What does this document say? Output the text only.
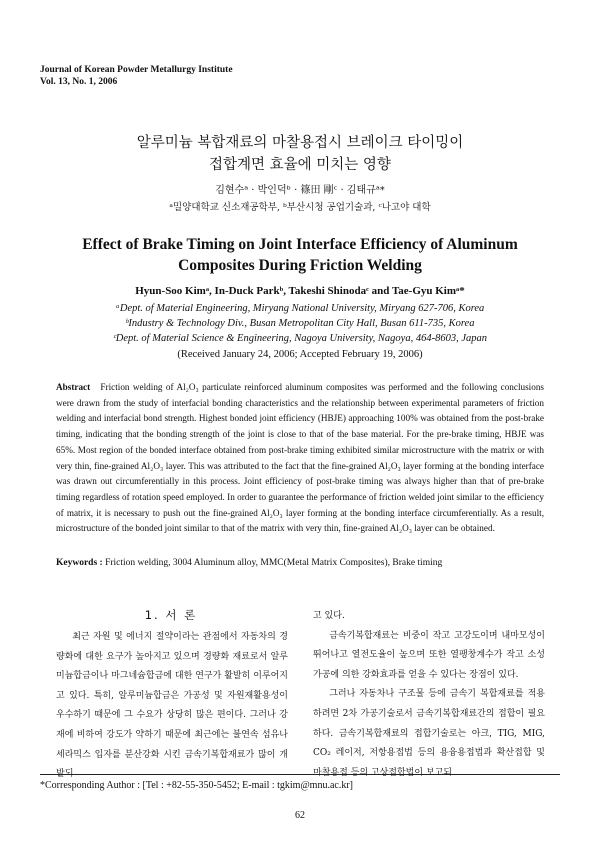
Journal of Korean Powder Metallurgy Institute
Vol. 13, No. 1, 2006
알루미늄 복합재료의 마찰용접시 브레이크 타이밍이
접합계면 효율에 미치는 영향
김현수ᵃ · 박인덕ᵇ · 篠田 剛ᶜ · 김태규ᵃ*
ᵃ밀양대학교 신소재공학부, ᵇ부산시청 공업기술과, ᶜ나고야 대학
Effect of Brake Timing on Joint Interface Efficiency of Aluminum
Composites During Friction Welding
Hyun-Soo Kimᵃ, In-Duck Parkᵇ, Takeshi Shinodaᶜ and Tae-Gyu Kimᵃ*
ᵃDept. of Material Engineering, Miryang National University, Miryang 627-706, Korea
ᵇIndustry & Technology Div., Busan Metropolitan City Hall, Busan 611-735, Korea
ᶜDept. of Material Science & Engineering, Nagoya University, Nagoya, 464-8603, Japan
(Received January 24, 2006; Accepted February 19, 2006)
Abstract Friction welding of Al₂O₃ particulate reinforced aluminum composites was performed and the following conclusions were drawn from the study of interfacial bonding characteristics and the relationship between experimental parameters of friction welding and interfacial bond strength. Highest bonded joint efficiency (HBJE) approaching 100% was obtained from the post-brake timing, indicating that the bonding strength of the joint is close to that of the base material. For the pre-brake timing, HBJE was 65%. Most region of the bonded interface obtained from post-brake timing exhibited similar microstructure with the matrix or with very thin, fine-grained Al₂O₃ layer. This was attributed to the fact that the fine-grained Al₂O₃ layer forming at the bonding interface was drawn out circumferentially in this process. Joint efficiency of post-brake timing was always higher than that of pre-brake timing regardless of rotation speed employed. In order to guarantee the performance of friction welded joint similar to the efficiency of matrix, it is necessary to push out the fine-grained Al₂O₃ layer forming at the bonding interface circumferentially. As a result, microstructure of the bonded joint similar to that of the matrix with very thin, fine-grained Al₂O₃ layer can be obtained.
Keywords : Friction welding, 3004 Aluminum alloy, MMC(Metal Matrix Composites), Brake timing
1. 서 론

최근 자원 및 에너지 절약이라는 관점에서 자동차의 경량화에 대한 요구가 높아지고 있으며 경량화 재료로서 알루미늄합금이나 마그네슘합금에 대한 연구가 활발히 이루어지고 있다. 특히, 알루미늄합금은 가공성 및 자원재활용성이 우수하기 때문에 그 수요가 상당히 많은 편이다. 그러나 강재에 비하여 강도가 약하기 때문에 최근에는 불연속 섬유나 세라믹스 입자를 분산강화 시킨 금속기복합재료가 많이 개발되

고 있다.

금속기복합재료는 비중이 작고 고강도이며 내마모성이 뛰어나고 열전도율이 높으며 또한 열팽창계수가 작고 소성가공에 의한 강화효과를 얻을 수 있다는 장점이 있다.

그러나 자동차나 구조물 등에 금속기 복합재료를 적용하려면 2차 가공기술로서 금속기복합재료간의 접합이 필요하다. 금속기복합재료의 접합기술로는 아크, TIG, MIG, CO₂ 레이저, 저항용접법 등의 용융용접법과 확산접합 및 마찰용접 등의 고상접합법이 보고되

*Corresponding Author : [Tel : +82-55-350-5452; E-mail : tgkim@mnu.ac.kr]
62
